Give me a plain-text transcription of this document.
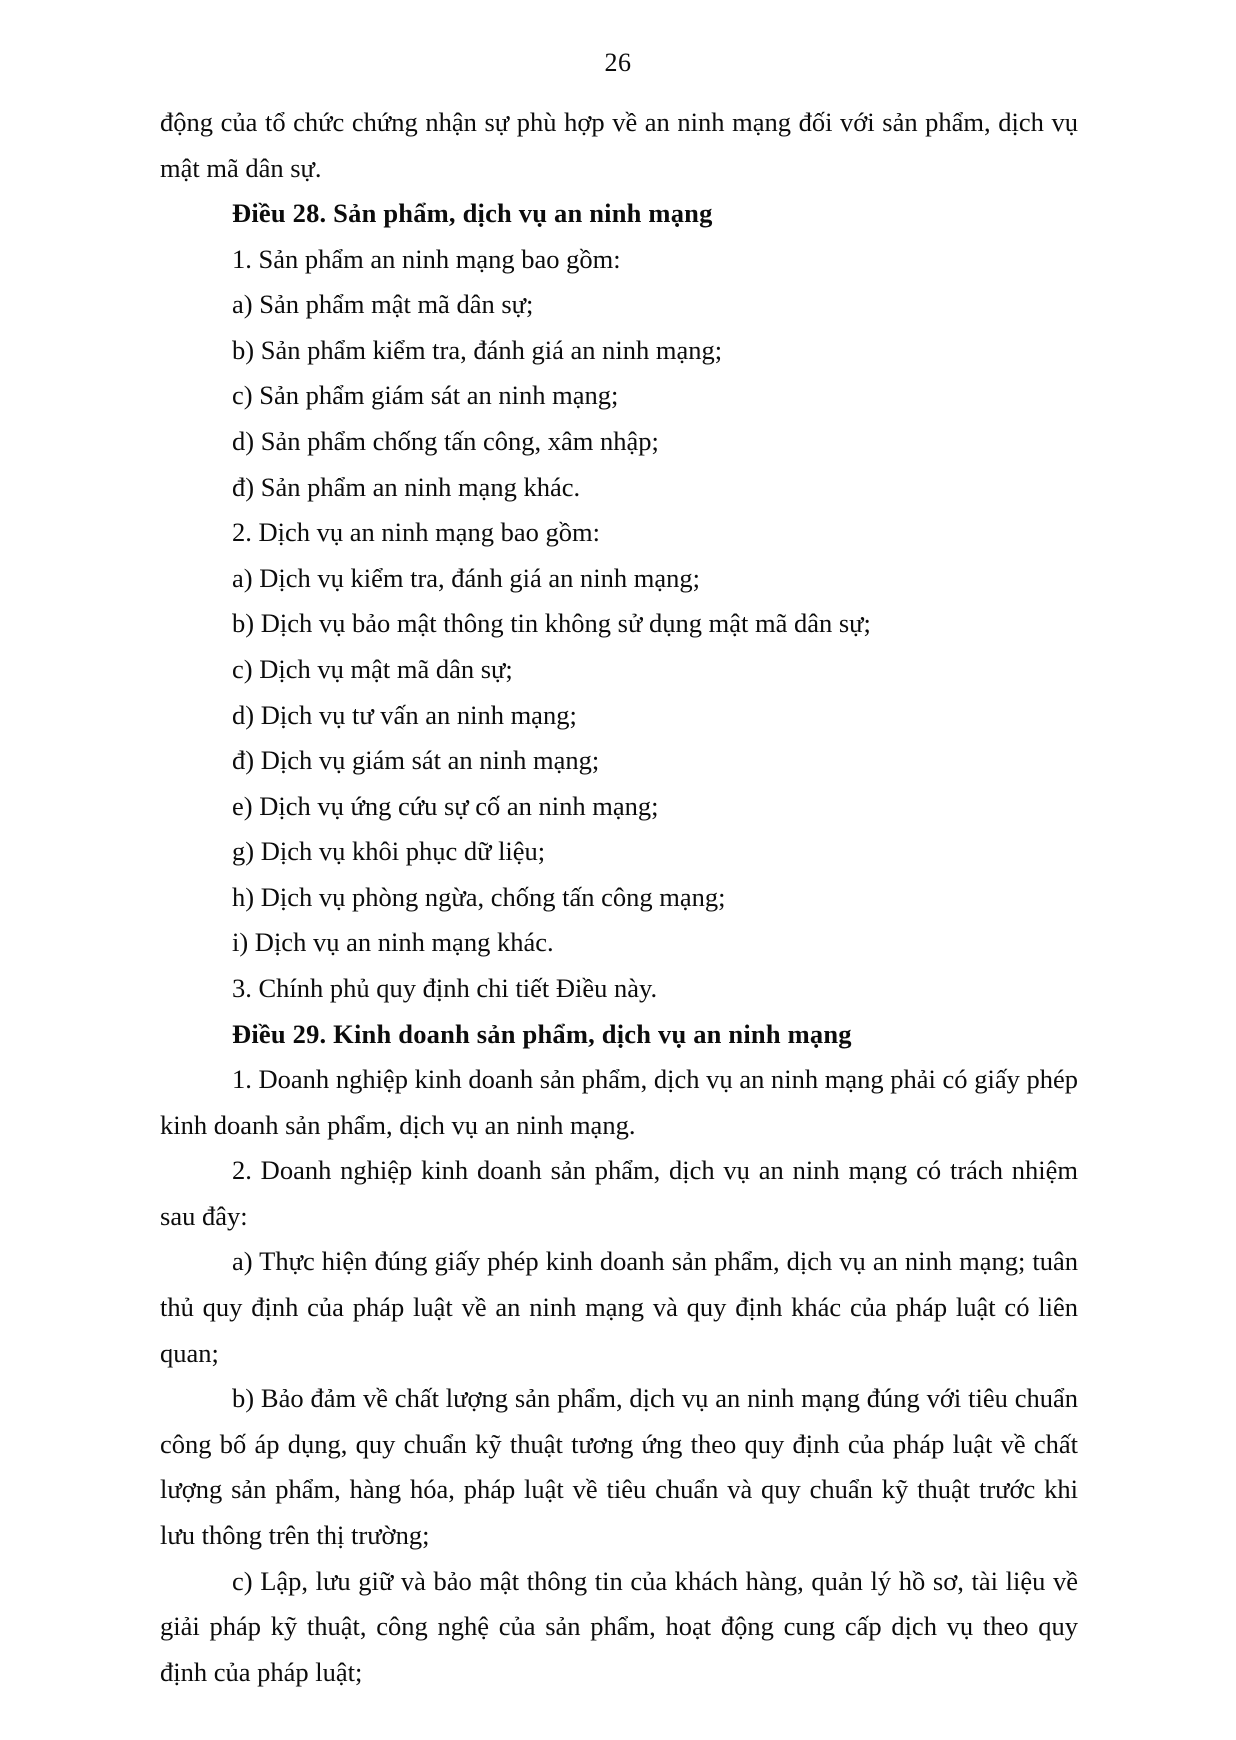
26

động của tổ chức chứng nhận sự phù hợp về an ninh mạng đối với sản phẩm, dịch vụ mật mã dân sự.

Điều 28. Sản phẩm, dịch vụ an ninh mạng

1. Sản phẩm an ninh mạng bao gồm:

a) Sản phẩm mật mã dân sự;

b) Sản phẩm kiểm tra, đánh giá an ninh mạng;

c) Sản phẩm giám sát an ninh mạng;

d) Sản phẩm chống tấn công, xâm nhập;

đ) Sản phẩm an ninh mạng khác.

2. Dịch vụ an ninh mạng bao gồm:

a) Dịch vụ kiểm tra, đánh giá an ninh mạng;

b) Dịch vụ bảo mật thông tin không sử dụng mật mã dân sự;

c) Dịch vụ mật mã dân sự;

d) Dịch vụ tư vấn an ninh mạng;

đ) Dịch vụ giám sát an ninh mạng;

e) Dịch vụ ứng cứu sự cố an ninh mạng;

g) Dịch vụ khôi phục dữ liệu;

h) Dịch vụ phòng ngừa, chống tấn công mạng;

i) Dịch vụ an ninh mạng khác.

3. Chính phủ quy định chi tiết Điều này.

Điều 29. Kinh doanh sản phẩm, dịch vụ an ninh mạng

1. Doanh nghiệp kinh doanh sản phẩm, dịch vụ an ninh mạng phải có giấy phép kinh doanh sản phẩm, dịch vụ an ninh mạng.

2. Doanh nghiệp kinh doanh sản phẩm, dịch vụ an ninh mạng có trách nhiệm sau đây:

a) Thực hiện đúng giấy phép kinh doanh sản phẩm, dịch vụ an ninh mạng; tuân thủ quy định của pháp luật về an ninh mạng và quy định khác của pháp luật có liên quan;

b) Bảo đảm về chất lượng sản phẩm, dịch vụ an ninh mạng đúng với tiêu chuẩn công bố áp dụng, quy chuẩn kỹ thuật tương ứng theo quy định của pháp luật về chất lượng sản phẩm, hàng hóa, pháp luật về tiêu chuẩn và quy chuẩn kỹ thuật trước khi lưu thông trên thị trường;

c) Lập, lưu giữ và bảo mật thông tin của khách hàng, quản lý hồ sơ, tài liệu về giải pháp kỹ thuật, công nghệ của sản phẩm, hoạt động cung cấp dịch vụ theo quy định của pháp luật;
